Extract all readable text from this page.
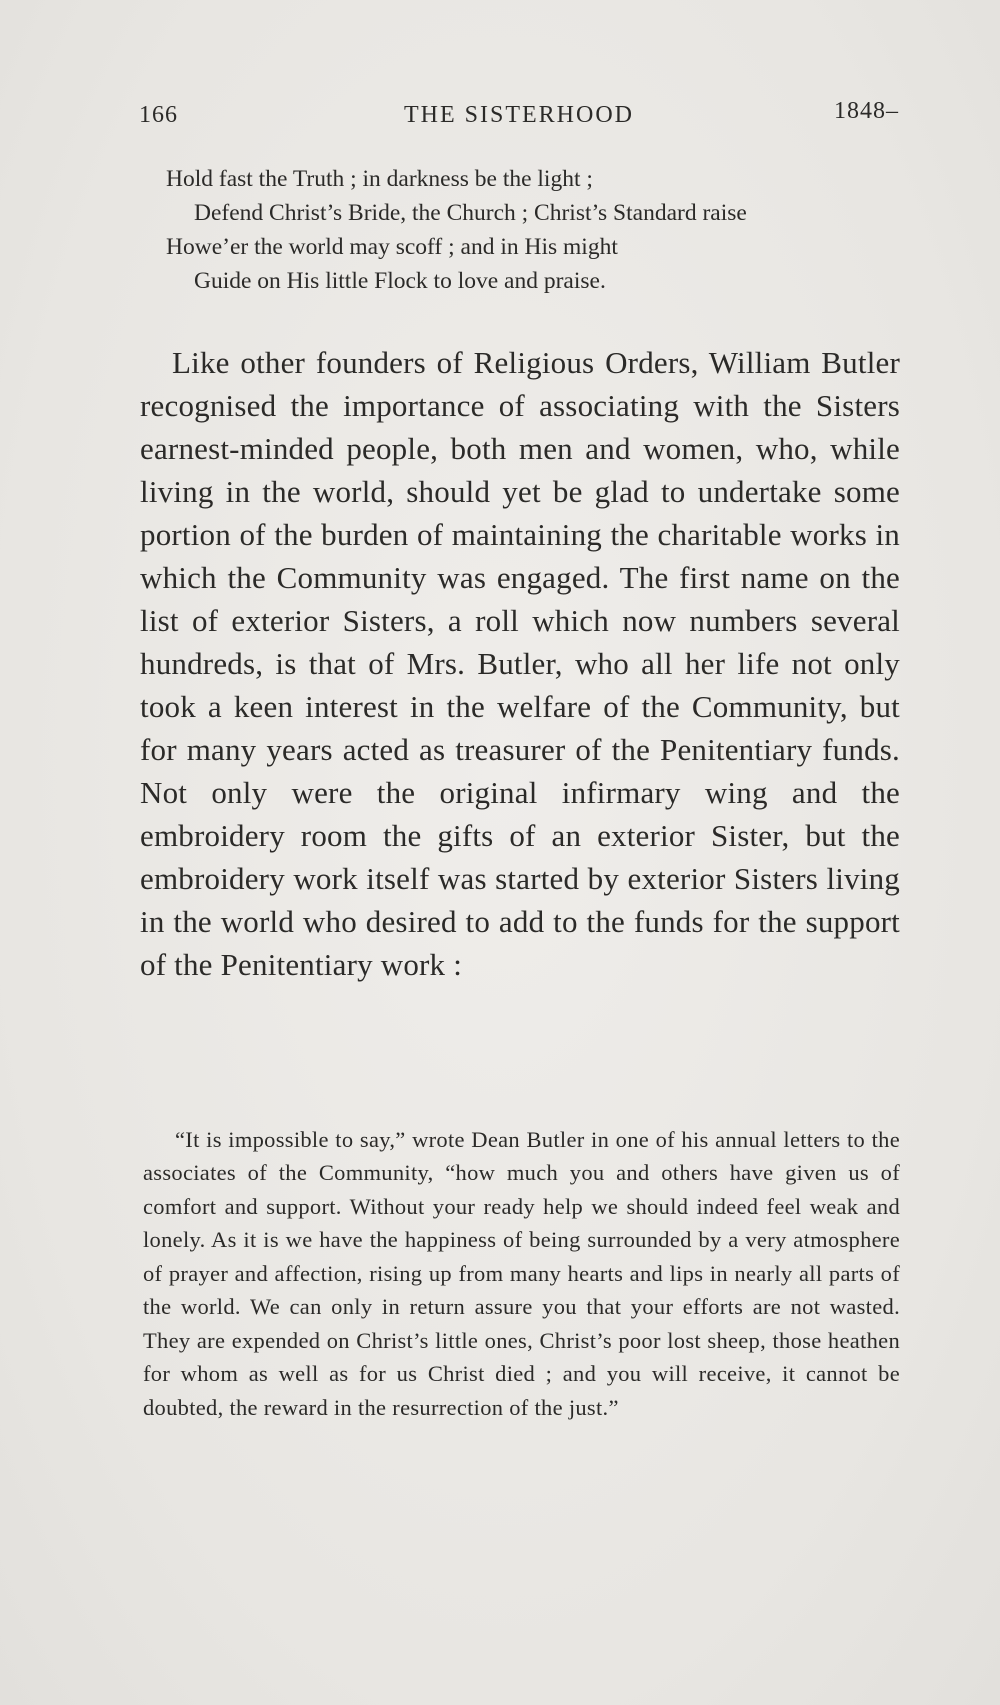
166	THE SISTERHOOD	1848–
Hold fast the Truth ; in darkness be the light ;
Defend Christ’s Bride, the Church ; Christ’s Standard raise
Howe’er the world may scoff ; and in His might
Guide on His little Flock to love and praise.

Like other founders of Religious Orders, William Butler recognised the importance of associating with the Sisters earnest-minded people, both men and women, who, while living in the world, should yet be glad to undertake some portion of the burden of maintaining the charitable works in which the Community was engaged. The first name on the list of exterior Sisters, a roll which now numbers several hundreds, is that of Mrs. Butler, who all her life not only took a keen interest in the welfare of the Community, but for many years acted as treasurer of the Penitentiary funds. Not only were the original infirmary wing and the embroidery room the gifts of an exterior Sister, but the embroidery work itself was started by exterior Sisters living in the world who desired to add to the funds for the support of the Penitentiary work :

“It is impossible to say,” wrote Dean Butler in one of his annual letters to the associates of the Community, “how much you and others have given us of comfort and support. Without your ready help we should indeed feel weak and lonely. As it is we have the happiness of being surrounded by a very atmosphere of prayer and affection, rising up from many hearts and lips in nearly all parts of the world. We can only in return assure you that your efforts are not wasted. They are expended on Christ’s little ones, Christ’s poor lost sheep, those heathen for whom as well as for us Christ died ; and you will receive, it cannot be doubted, the reward in the resurrection of the just.”
